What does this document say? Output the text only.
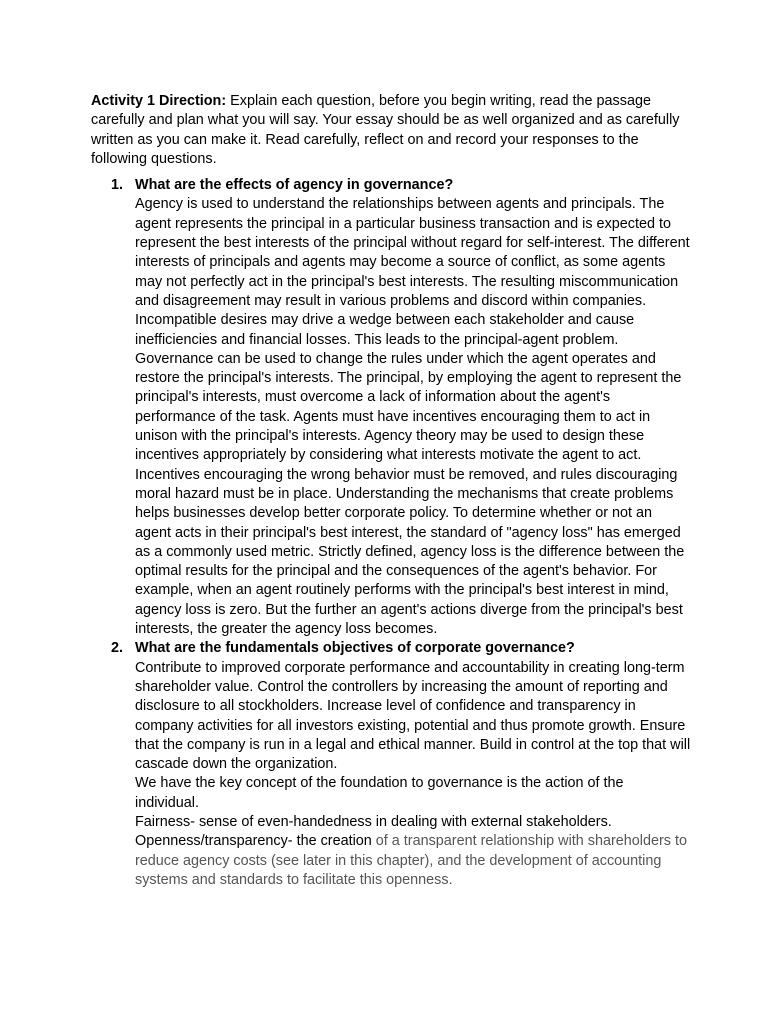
Activity 1 Direction: Explain each question, before you begin writing, read the passage carefully and plan what you will say. Your essay should be as well organized and as carefully written as you can make it. Read carefully, reflect on and record your responses to the following questions.

1. What are the effects of agency in governance?

Agency is used to understand the relationships between agents and principals. The agent represents the principal in a particular business transaction and is expected to represent the best interests of the principal without regard for self-interest. The different interests of principals and agents may become a source of conflict, as some agents may not perfectly act in the principal's best interests. The resulting miscommunication and disagreement may result in various problems and discord within companies. Incompatible desires may drive a wedge between each stakeholder and cause inefficiencies and financial losses. This leads to the principal-agent problem.

Governance can be used to change the rules under which the agent operates and restore the principal's interests. The principal, by employing the agent to represent the principal's interests, must overcome a lack of information about the agent's performance of the task. Agents must have incentives encouraging them to act in unison with the principal's interests. Agency theory may be used to design these incentives appropriately by considering what interests motivate the agent to act. Incentives encouraging the wrong behavior must be removed, and rules discouraging moral hazard must be in place. Understanding the mechanisms that create problems helps businesses develop better corporate policy. To determine whether or not an agent acts in their principal's best interest, the standard of "agency loss" has emerged as a commonly used metric. Strictly defined, agency loss is the difference between the optimal results for the principal and the consequences of the agent's behavior. For example, when an agent routinely performs with the principal's best interest in mind, agency loss is zero. But the further an agent's actions diverge from the principal's best interests, the greater the agency loss becomes.

2. What are the fundamentals objectives of corporate governance?

Contribute to improved corporate performance and accountability in creating long-term shareholder value. Control the controllers by increasing the amount of reporting and disclosure to all stockholders. Increase level of confidence and transparency in company activities for all investors existing, potential and thus promote growth. Ensure that the company is run in a legal and ethical manner. Build in control at the top that will cascade down the organization.

We have the key concept of the foundation to governance is the action of the individual.

Fairness- sense of even-handedness in dealing with external stakeholders.

Openness/transparency- the creation of a transparent relationship with shareholders to reduce agency costs (see later in this chapter), and the development of accounting systems and standards to facilitate this openness.
